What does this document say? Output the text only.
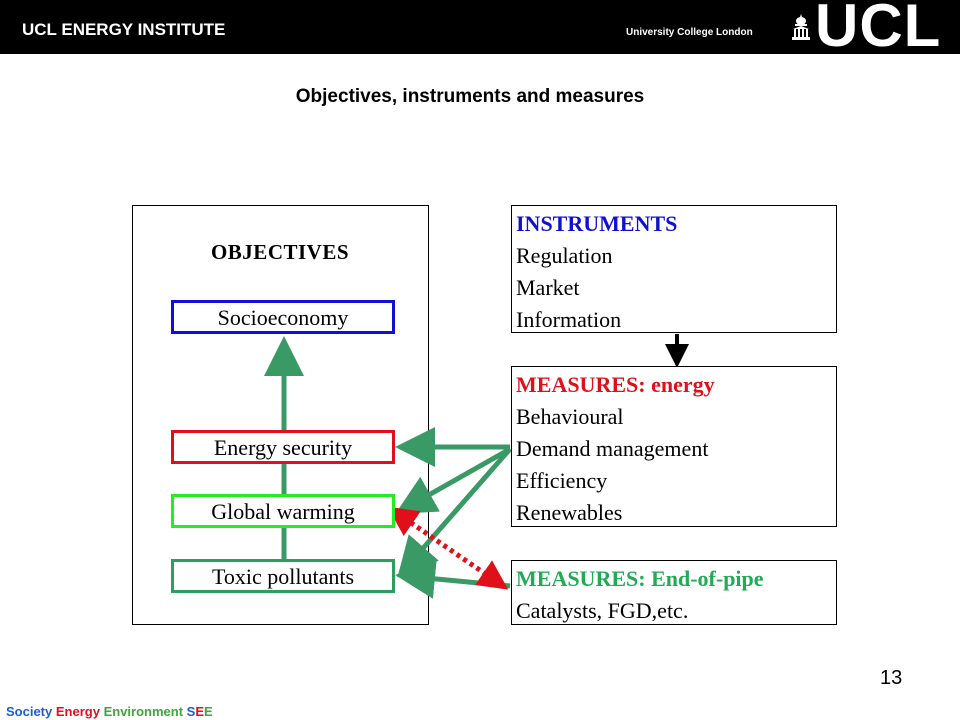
UCL ENERGY INSTITUTE	University College London UCL
Objectives, instruments and measures
OBJECTIVES
Socioeconomy
Energy security
Global warming
Toxic pollutants
INSTRUMENTS
Regulation
Market
Information
MEASURES: energy
Behavioural
Demand management
Efficiency
Renewables
MEASURES: End-of-pipe
Catalysts, FGD,etc.
13
Society Energy Environment SEE
